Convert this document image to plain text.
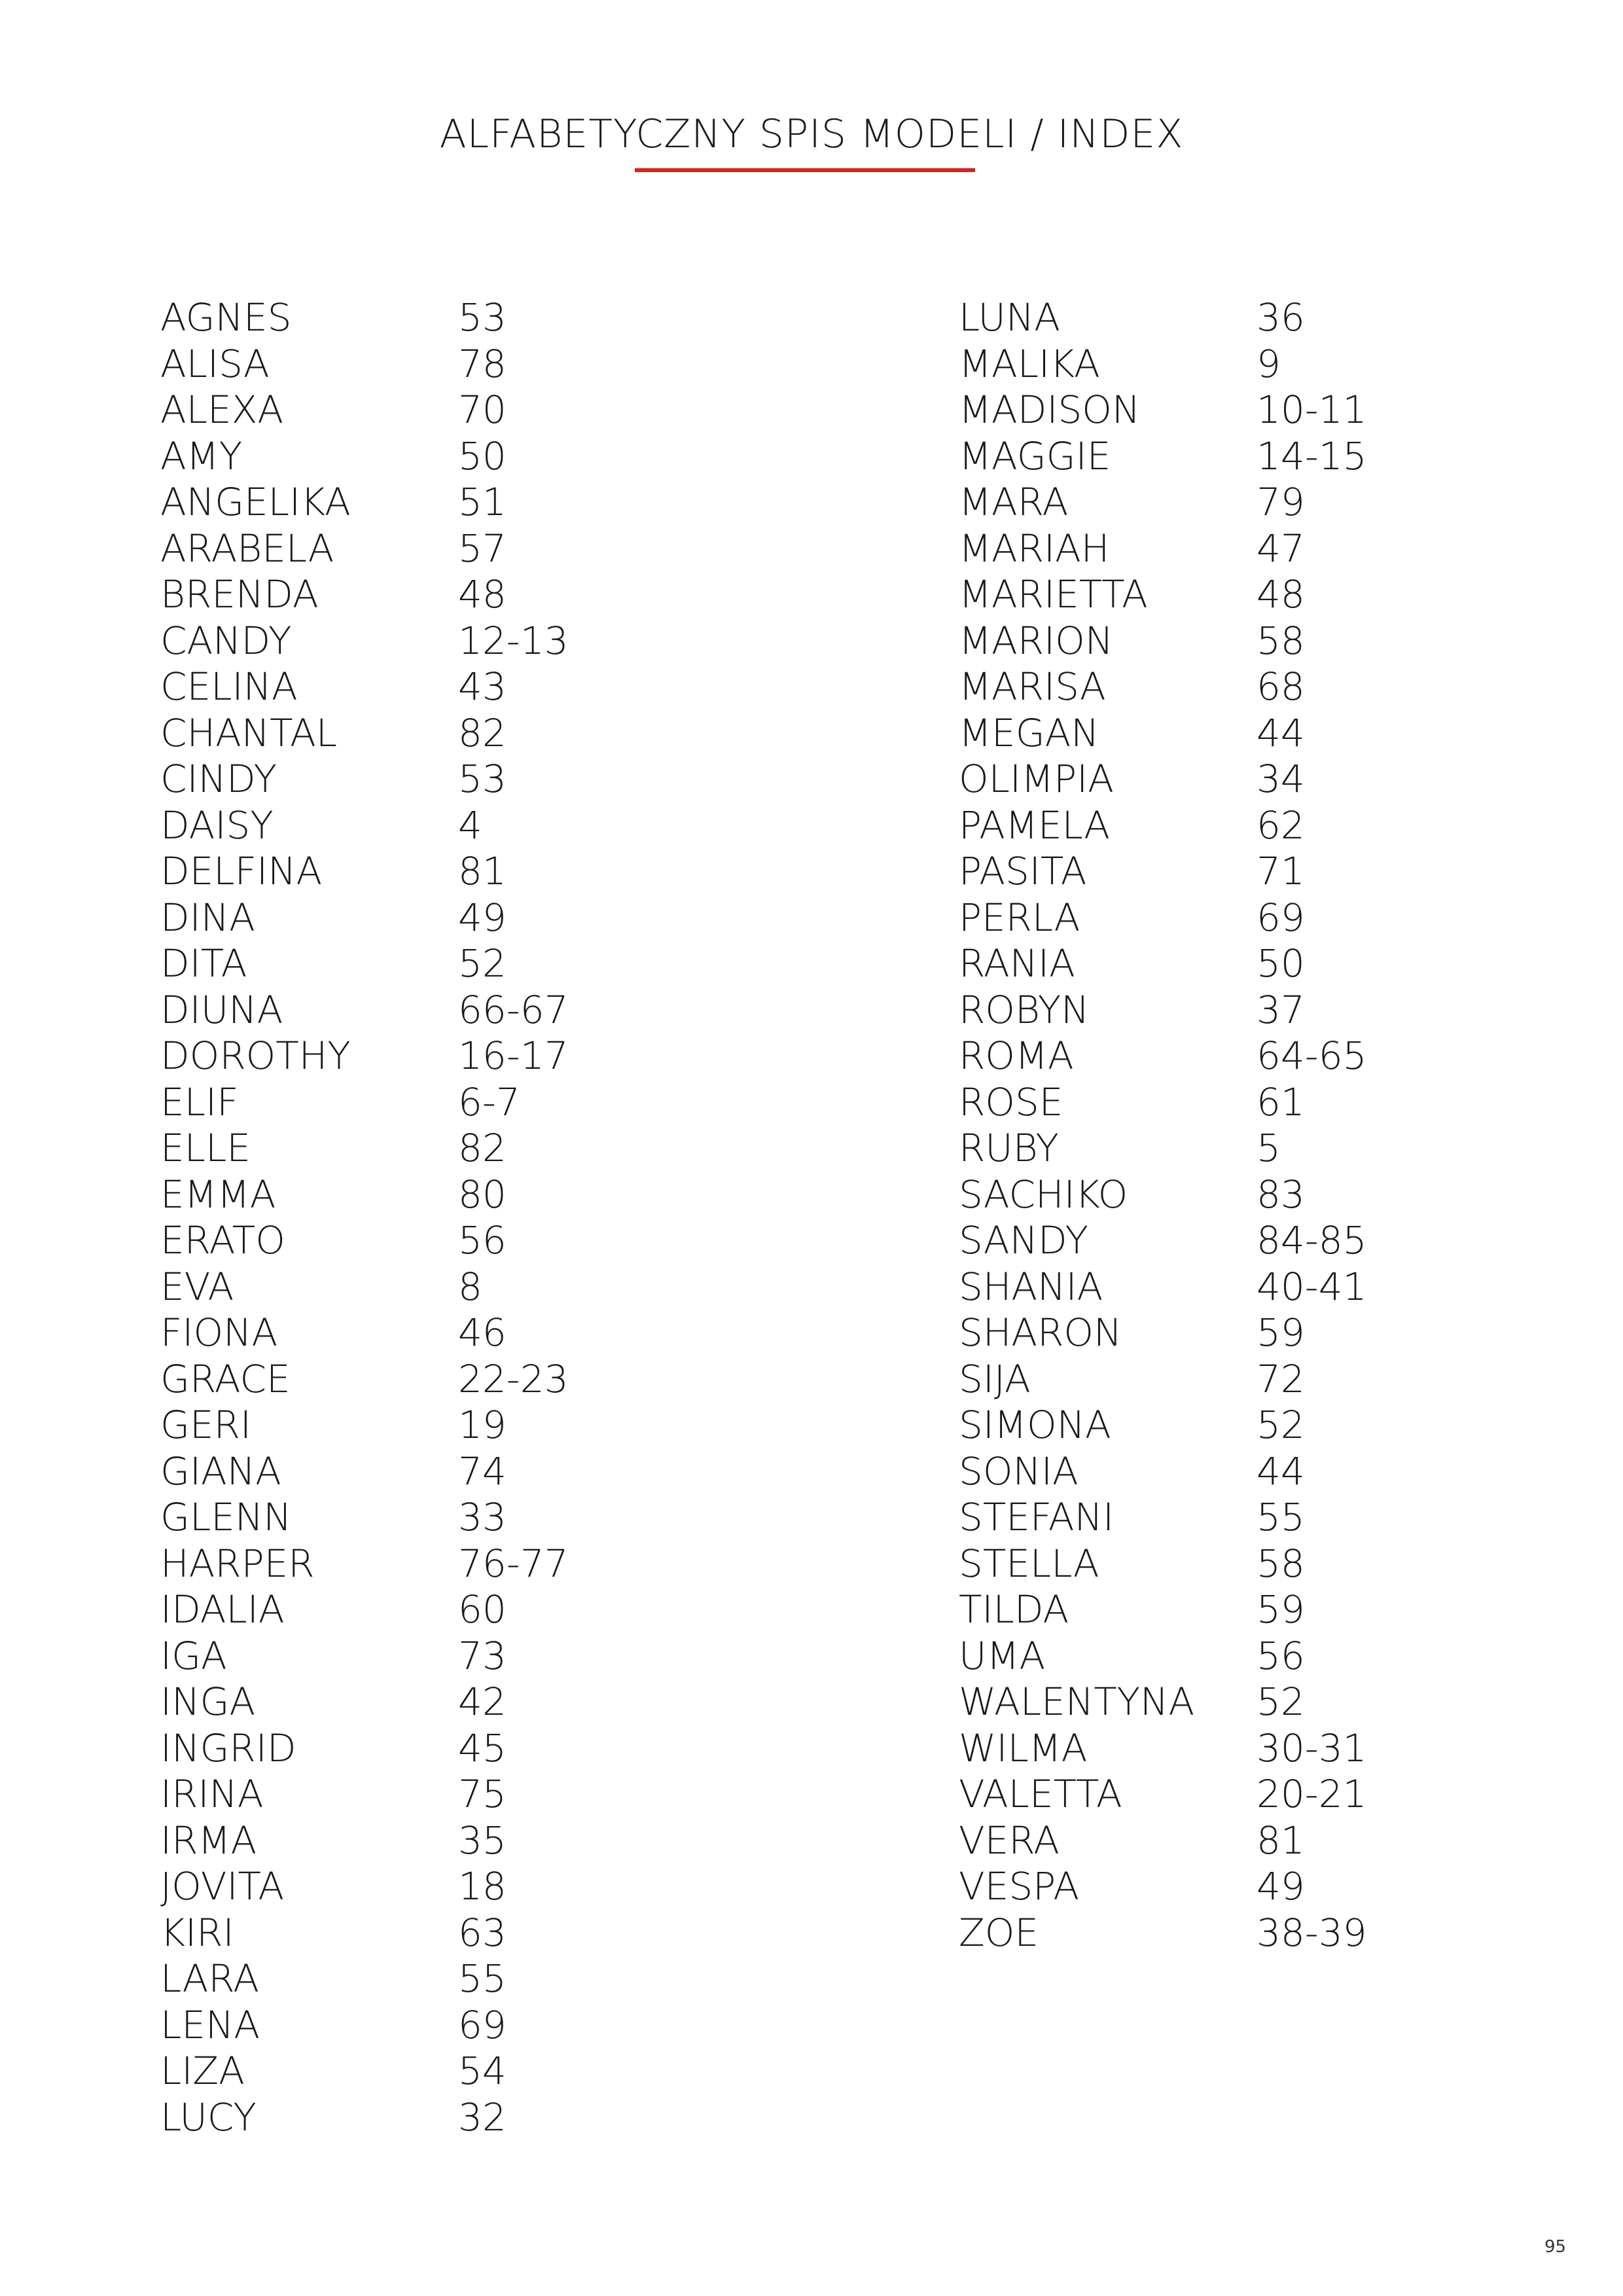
ALFABETYCZNY SPIS MODELI / INDEX
AGNES	53
ALISA	78
ALEXA	70
AMY	50
ANGELIKA	51
ARABELA	57
BRENDA	48
CANDY	12-13
CELINA	43
CHANTAL	82
CINDY	53
DAISY	4
DELFINA	81
DINA	49
DITA	52
DIUNA	66-67
DOROTHY	16-17
ELIF	6-7
ELLE	82
EMMA	80
ERATO	56
EVA	8
FIONA	46
GRACE	22-23
GERI	19
GIANA	74
GLENN	33
HARPER	76-77
IDALIA	60
IGA	73
INGA	42
INGRID	45
IRINA	75
IRMA	35
JOVITA	18
KIRI	63
LARA	55
LENA	69
LIZA	54
LUCY	32
LUNA	36
MALIKA	9
MADISON	10-11
MAGGIE	14-15
MARA	79
MARIAH	47
MARIETTA	48
MARION	58
MARISA	68
MEGAN	44
OLIMPIA	34
PAMELA	62
PASITA	71
PERLA	69
RANIA	50
ROBYN	37
ROMA	64-65
ROSE	61
RUBY	5
SACHIKO	83
SANDY	84-85
SHANIA	40-41
SHARON	59
SIJA	72
SIMONA	52
SONIA	44
STEFANI	55
STELLA	58
TILDA	59
UMA	56
WALENTYNA	52
WILMA	30-31
VALETTA	20-21
VERA	81
VESPA	49
ZOE	38-39
95
